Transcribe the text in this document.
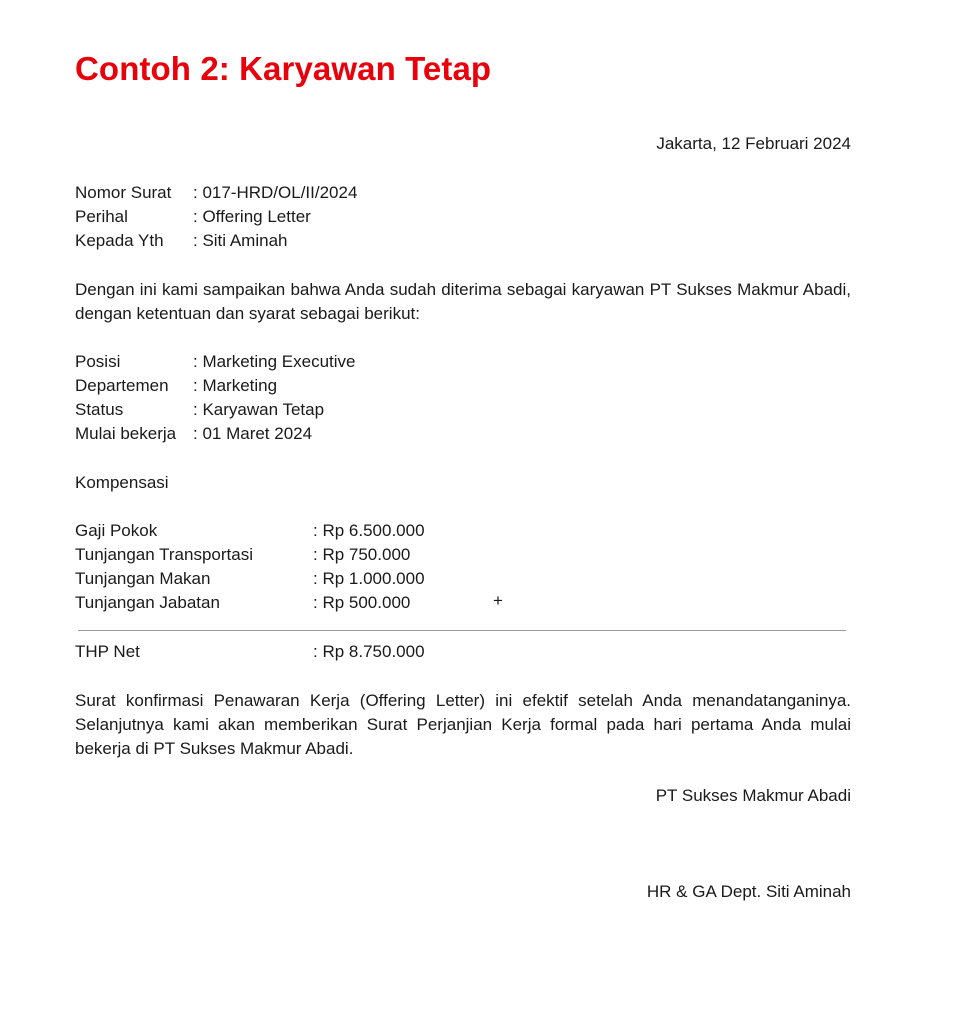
Contoh 2: Karyawan Tetap
Jakarta, 12 Februari 2024
Nomor Surat	: 017-HRD/OL/II/2024
Perihal	: Offering Letter
Kepada Yth	: Siti Aminah

Dengan ini kami sampaikan bahwa Anda sudah diterima sebagai karyawan PT Sukses Makmur Abadi, dengan ketentuan dan syarat sebagai berikut:

Posisi	: Marketing Executive
Departemen	: Marketing
Status	: Karyawan Tetap
Mulai bekerja : 01 Maret 2024
Kompensasi
Gaji Pokok	: Rp 6.500.000
Tunjangan Transportasi	: Rp 750.000
Tunjangan Makan	: Rp 1.000.000
Tunjangan Jabatan	: Rp 500.000	+
THP Net	: Rp 8.750.000

Surat konfirmasi Penawaran Kerja (Offering Letter) ini efektif setelah Anda menandatanganinya. Selanjutnya kami akan memberikan Surat Perjanjian Kerja formal pada hari pertama Anda mulai bekerja di PT Sukses Makmur Abadi.

PT Sukses Makmur Abadi
HR & GA Dept. Siti Aminah
